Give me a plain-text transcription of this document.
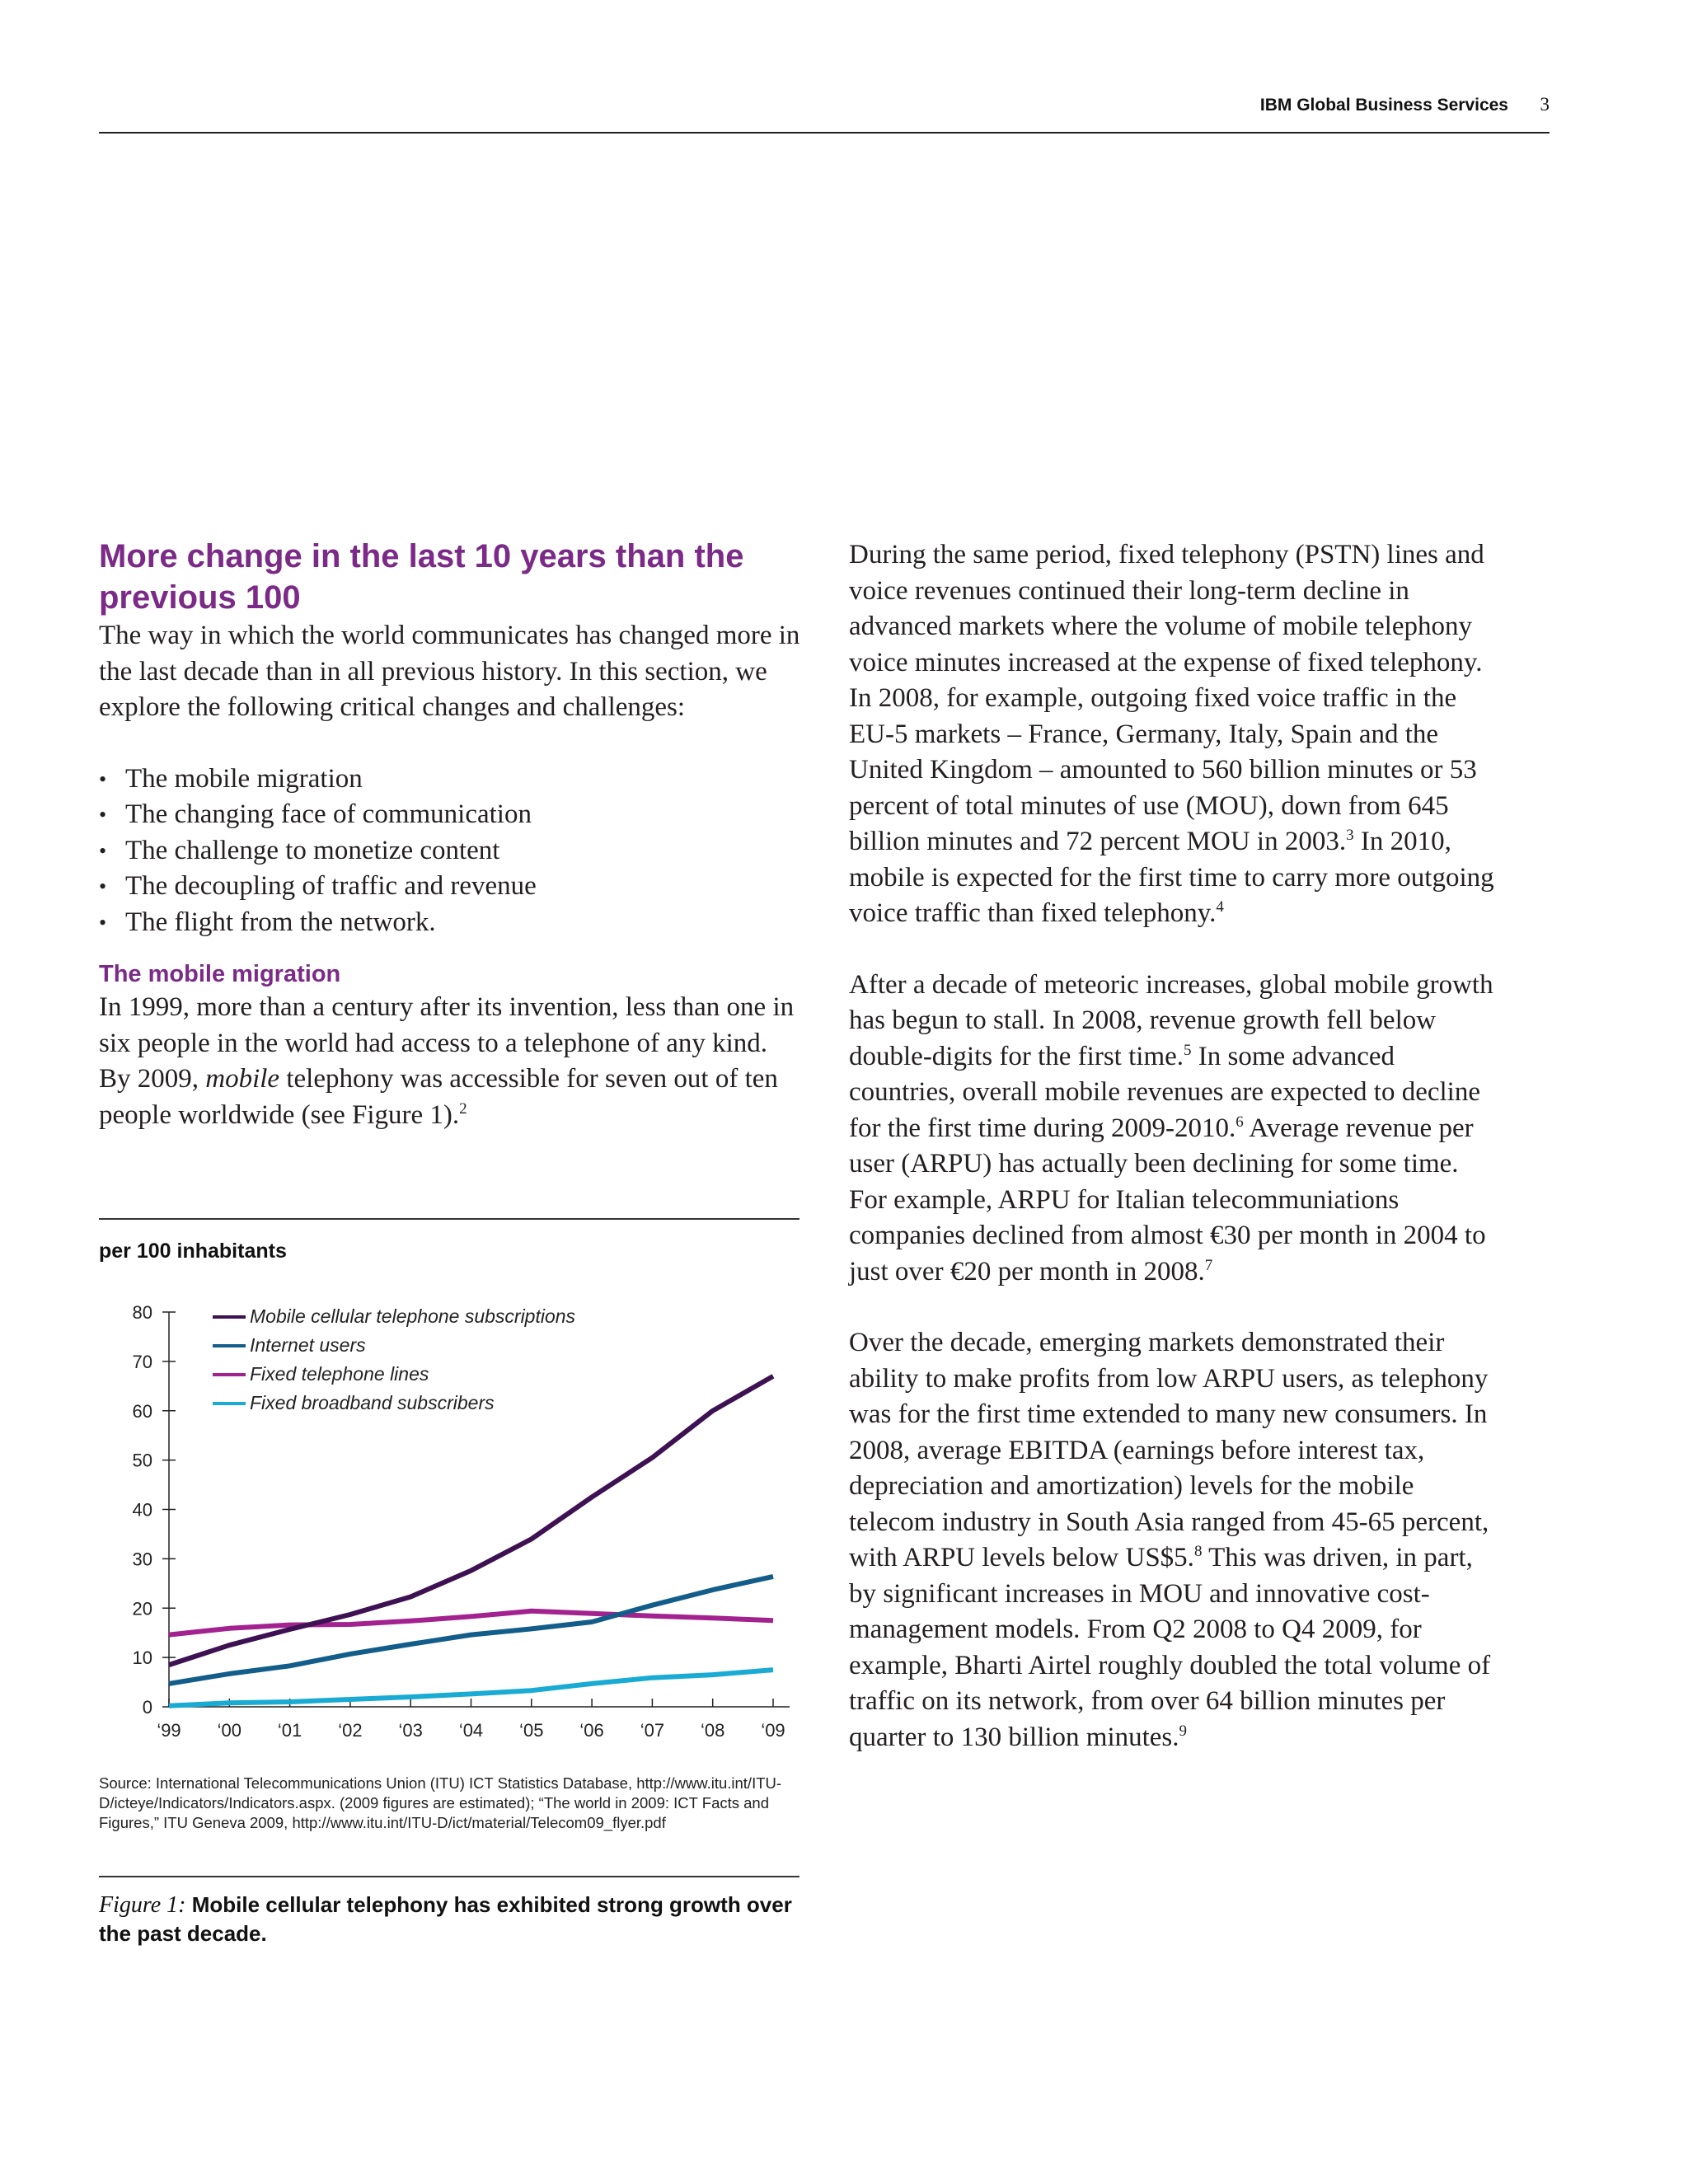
IBM Global Business Services 3
More change in the last 10 years than the previous 100

The way in which the world communicates has changed more in the last decade than in all previous history. In this section, we explore the following critical changes and challenges:

• The mobile migration
• The changing face of communication
• The challenge to monetize content
• The decoupling of traffic and revenue
• The flight from the network.
The mobile migration

In 1999, more than a century after its invention, less than one in six people in the world had access to a telephone of any kind. By 2009, mobile telephony was accessible for seven out of ten people worldwide (see Figure 1).$^2$

per 100 inhabitants
0
10
20
30
40
50
60
70
80
‘99 ‘00 ‘01 ‘02 ‘03 ‘04 ‘05 ‘06 ‘07 ‘08 ‘09
Mobile cellular telephone subscriptions
Internet users
Fixed telephone lines
Fixed broadband subscribers
Source: International Telecommunications Union (ITU) ICT Statistics Database, http://www.itu.int/ITU-D/icteye/Indicators/Indicators.aspx. (2009 figures are estimated); “The world in 2009: ICT Facts and Figures,” ITU Geneva 2009, http://www.itu.int/ITU-D/ict/material/Telecom09_flyer.pdf
Figure 1: Mobile cellular telephony has exhibited strong growth over the past decade.

During the same period, fixed telephony (PSTN) lines and voice revenues continued their long-term decline in advanced markets where the volume of mobile telephony voice minutes increased at the expense of fixed telephony. In 2008, for example, outgoing fixed voice traffic in the EU-5 markets – France, Germany, Italy, Spain and the United Kingdom – amounted to 560 billion minutes or 53 percent of total minutes of use (MOU), down from 645 billion minutes and 72 percent MOU in 2003.$^3$ In 2010, mobile is expected for the first time to carry more outgoing voice traffic than fixed telephony.$^4$

After a decade of meteoric increases, global mobile growth has begun to stall. In 2008, revenue growth fell below double-digits for the first time.$^5$ In some advanced countries, overall mobile revenues are expected to decline for the first time during 2009-2010.$^6$ Average revenue per user (ARPU) has actually been declining for some time. For example, ARPU for Italian telecommuniations companies declined from almost €30 per month in 2004 to just over €20 per month in 2008.$^7$

Over the decade, emerging markets demonstrated their ability to make profits from low ARPU users, as telephony was for the first time extended to many new consumers. In 2008, average EBITDA (earnings before interest tax, depreciation and amortization) levels for the mobile telecom industry in South Asia ranged from 45-65 percent, with ARPU levels below US$5.$^8$ This was driven, in part, by significant increases in MOU and innovative cost-management models. From Q2 2008 to Q4 2009, for example, Bharti Airtel roughly doubled the total volume of traffic on its network, from over 64 billion minutes per quarter to 130 billion minutes.$^9$
